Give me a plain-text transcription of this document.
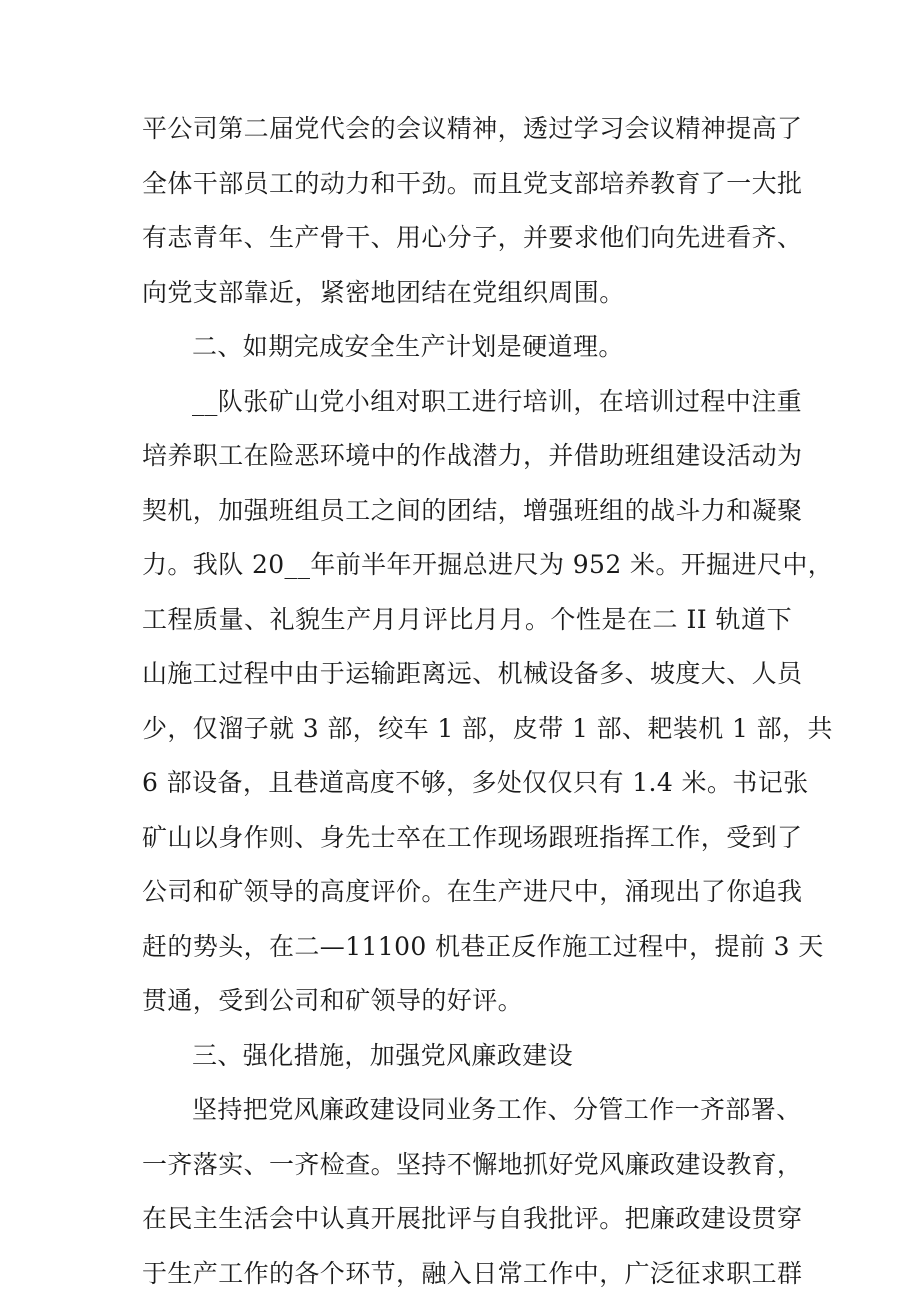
平公司第二届党代会的会议精神，透过学习会议精神提高了
全体干部员工的动力和干劲。而且党支部培养教育了一大批
有志青年、生产骨干、用心分子，并要求他们向先进看齐、
向党支部靠近，紧密地团结在党组织周围。

二、如期完成安全生产计划是硬道理。

__队张矿山党小组对职工进行培训，在培训过程中注重
培养职工在险恶环境中的作战潜力，并借助班组建设活动为
契机，加强班组员工之间的团结，增强班组的战斗力和凝聚
力。我队 20__年前半年开掘总进尺为 952 米。开掘进尺中，
工程质量、礼貌生产月月评比月月。个性是在二 II 轨道下
山施工过程中由于运输距离远、机械设备多、坡度大、人员
少，仅溜子就 3 部，绞车 1 部，皮带 1 部、耙装机 1 部，共
6 部设备，且巷道高度不够，多处仅仅只有 1.4 米。书记张
矿山以身作则、身先士卒在工作现场跟班指挥工作，受到了
公司和矿领导的高度评价。在生产进尺中，涌现出了你追我
赶的势头，在二—11100 机巷正反作施工过程中，提前 3 天
贯通，受到公司和矿领导的好评。

三、强化措施，加强党风廉政建设

坚持把党风廉政建设同业务工作、分管工作一齐部署、
一齐落实、一齐检查。坚持不懈地抓好党风廉政建设教育，
在民主生活会中认真开展批评与自我批评。把廉政建设贯穿
于生产工作的各个环节，融入日常工作中，广泛征求职工群
